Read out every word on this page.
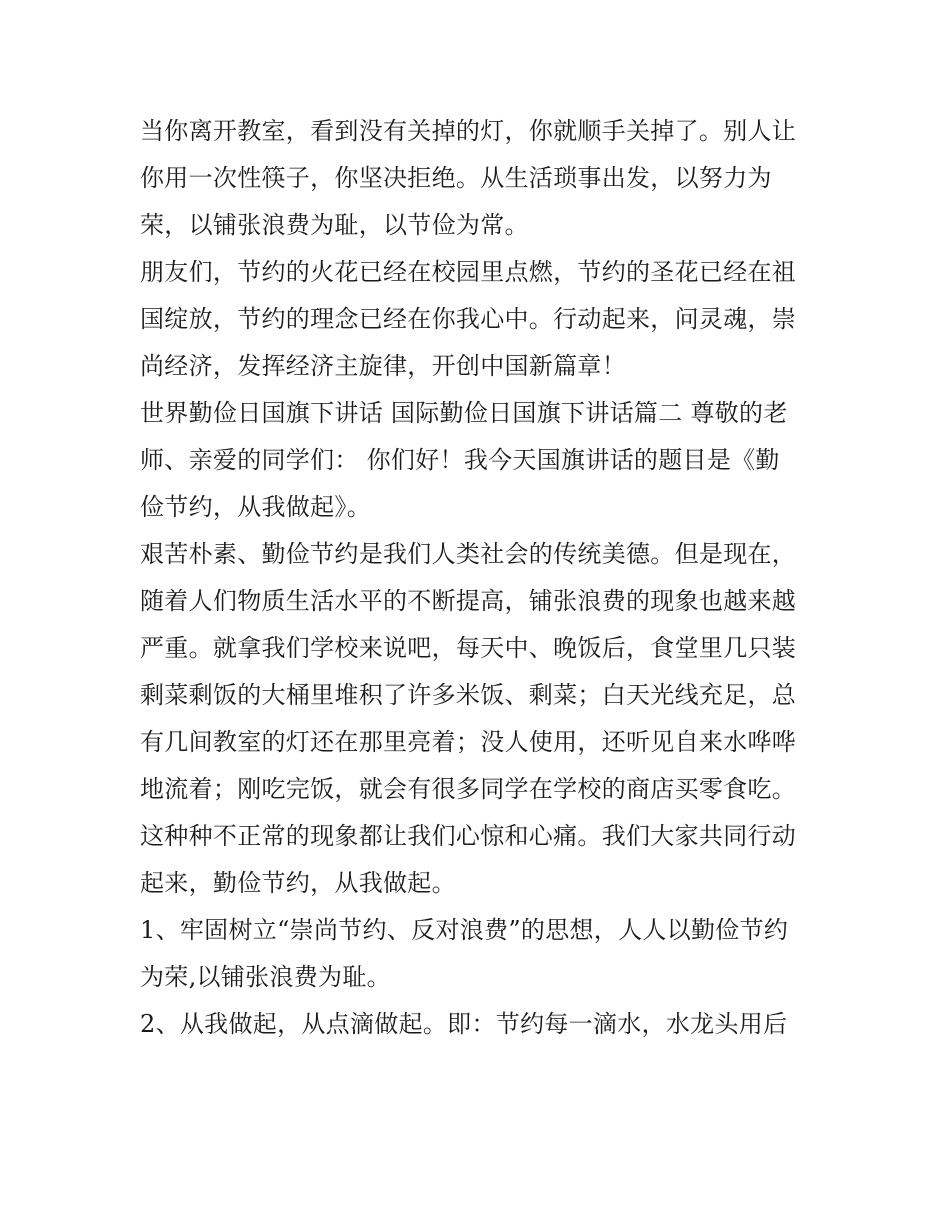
当你离开教室，看到没有关掉的灯，你就顺手关掉了。别人让
你用一次性筷子，你坚决拒绝。从生活琐事出发，以努力为
荣，以铺张浪费为耻，以节俭为常。
朋友们，节约的火花已经在校园里点燃，节约的圣花已经在祖
国绽放，节约的理念已经在你我心中。行动起来，问灵魂，崇
尚经济，发挥经济主旋律，开创中国新篇章！
世界勤俭日国旗下讲话 国际勤俭日国旗下讲话篇二 尊敬的老
师、亲爱的同学们： 你们好！我今天国旗讲话的题目是《勤
俭节约，从我做起》。
艰苦朴素、勤俭节约是我们人类社会的传统美德。但是现在，
随着人们物质生活水平的不断提高，铺张浪费的现象也越来越
严重。就拿我们学校来说吧，每天中、晚饭后，食堂里几只装
剩菜剩饭的大桶里堆积了许多米饭、剩菜；白天光线充足，总
有几间教室的灯还在那里亮着；没人使用，还听见自来水哗哗
地流着；刚吃完饭，就会有很多同学在学校的商店买零食吃。
这种种不正常的现象都让我们心惊和心痛。我们大家共同行动
起来，勤俭节约，从我做起。
1、牢固树立“崇尚节约、反对浪费”的思想，人人以勤俭节约
为荣,以铺张浪费为耻。
2、从我做起，从点滴做起。即：节约每一滴水，水龙头用后
